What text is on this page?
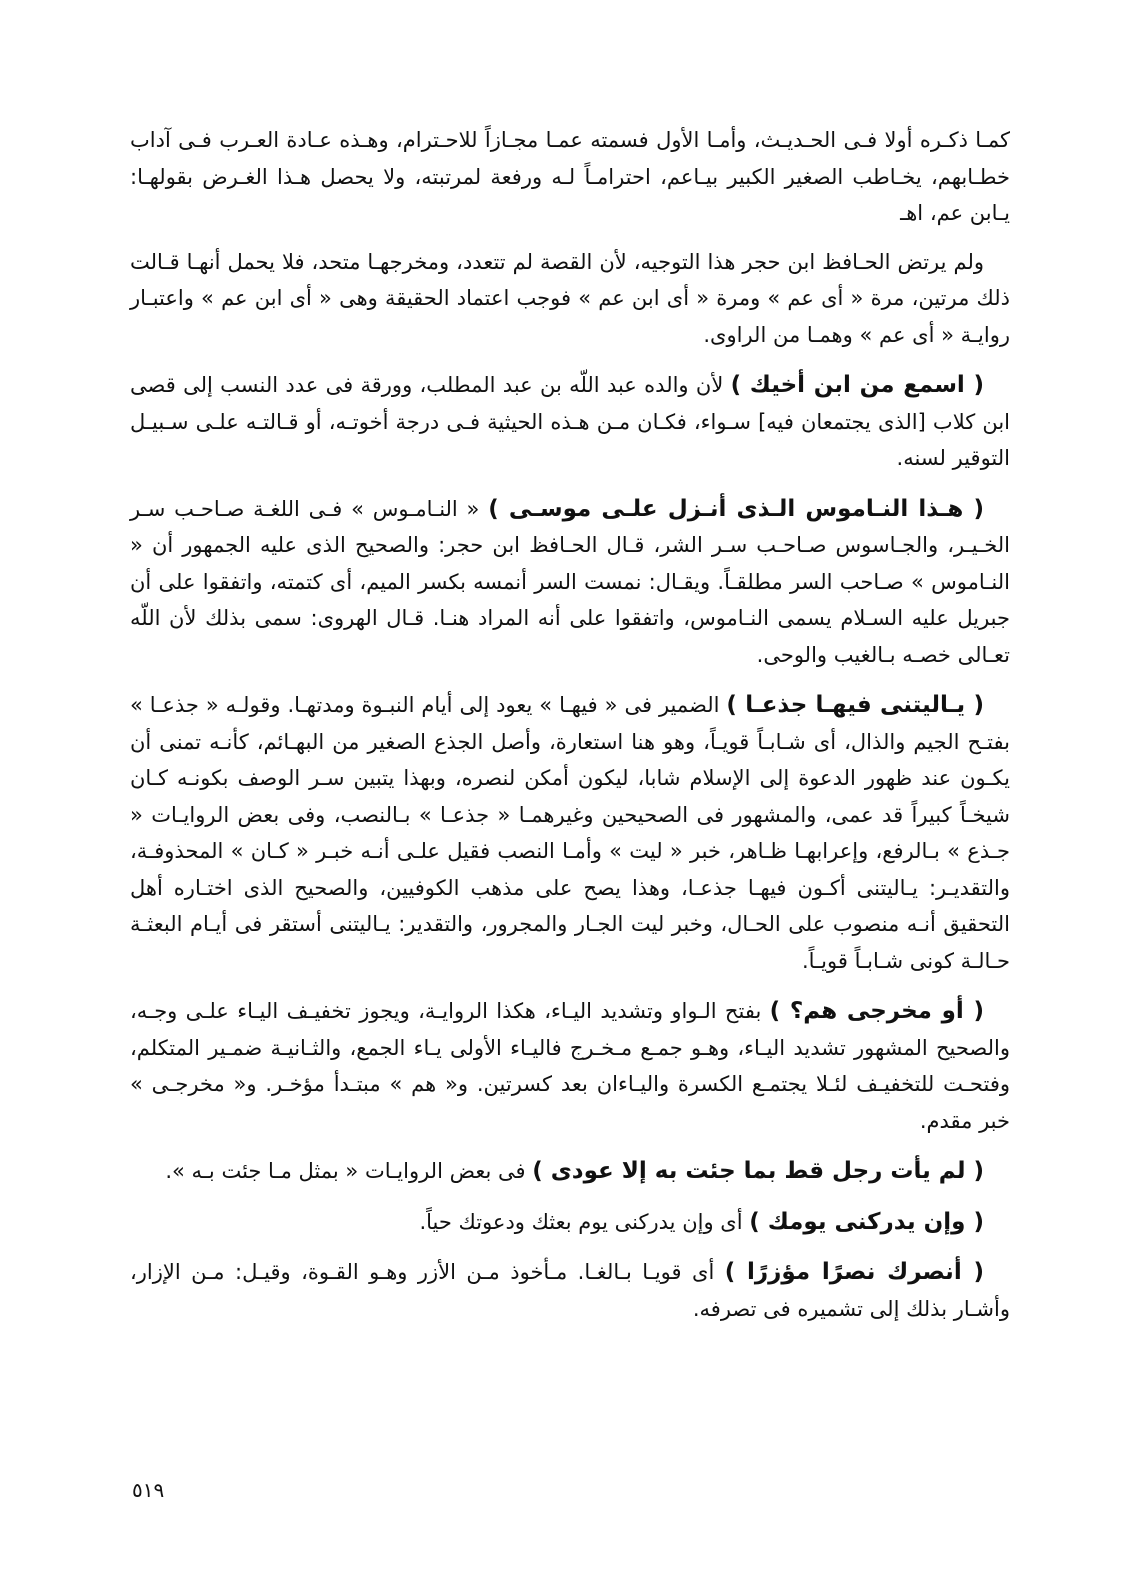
كمـا ذكـره أولا فـى الحـديـث، وأمـا الأول فسمته عمـا مجـازاً للاحـترام، وهـذه عـادة العـرب فـى آداب خطـابهم، يخـاطب الصغير الكبير بيـاعم، احترامـاً لـه ورفعة لمرتبته، ولا يحصل هـذا الغـرض بقولهـا: يـابن عم، اهـ

ولم يرتض الحـافظ ابن حجر هذا التوجيه، لأن القصة لم تتعدد، ومخرجهـا متحد، فلا يحمل أنهـا قـالت ذلك مرتين، مرة « أى عم » ومرة « أى ابن عم » فوجب اعتماد الحقيقة وهى « أى ابن عم » واعتبـار روايـة « أى عم » وهمـا من الراوى.

( اسمع من ابن أخيك ) لأن والده عبد اللّه بن عبد المطلب، وورقة فى عدد النسب إلى قصى ابن كلاب [الذى يجتمعان فيه] سـواء، فكـان مـن هـذه الحيثية فـى درجة أخوتـه، أو قـالتـه علـى سـبيـل التوقير لسنه.

( هـذا النـاموس الـذى أنـزل علـى موسـى ) « النـامـوس » فـى اللغـة صـاحـب سـر الخـيـر، والجـاسوس صـاحـب سـر الشر، قـال الحـافظ ابن حجر: والصحيح الذى عليه الجمهور أن « النـاموس » صـاحب السر مطلقـاً. ويقـال: نمست السر أنمسه بكسر الميم، أى كتمته، واتفقوا على أن جبريل عليه السـلام يسمى النـاموس، واتفقوا على أنه المراد هنـا. قـال الهروى: سمى بذلك لأن اللّه تعـالى خصـه بـالغيب والوحى.

( يـاليتنى فيهـا جذعـا ) الضمير فى « فيهـا » يعود إلى أيام النبـوة ومدتهـا. وقولـه « جذعـا » بفتـح الجيم والذال، أى شـابـاً قويـاً، وهو هنا استعارة، وأصل الجذع الصغير من البهـائم، كأنـه تمنى أن يكـون عند ظهور الدعوة إلى الإسلام شابا، ليكون أمكن لنصره، وبهذا يتبين سـر الوصف بكونـه كـان شيخـاً كبيراً قد عمى، والمشهور فى الصحيحين وغيرهمـا « جذعـا » بـالنصب، وفى بعض الروايـات « جـذع » بـالرفع، وإعرابهـا ظـاهر، خبر « ليت » وأمـا النصب فقيل علـى أنـه خبـر « كـان » المحذوفـة، والتقديـر: يـاليتنى أكـون فيهـا جذعـا، وهذا يصح على مذهب الكوفيين، والصحيح الذى اختـاره أهل التحقيق أنـه منصوب على الحـال، وخبر ليت الجـار والمجرور، والتقدير: يـاليتنى أستقر فى أيـام البعثـة حـالـة كونى شـابـاً قويـاً.

( أو مخرجى هم؟ ) بفتح الـواو وتشديد اليـاء، هكذا الروايـة، ويجوز تخفيـف اليـاء علـى وجـه، والصحيح المشهور تشديد اليـاء، وهـو جمـع مـخـرج فاليـاء الأولى يـاء الجمع، والثـانيـة ضمـير المتكلم، وفتحـت للتخفيـف لئـلا يجتمـع الكسرة واليـاءان بعد كسرتين. و« هم » مبتـدأ مؤخـر. و« مخرجـى » خبر مقدم.

( لم يأت رجل قط بما جئت به إلا عودى ) فى بعض الروايـات « بمثل مـا جئت بـه ».

( وإن يدركنى يومك ) أى وإن يدركنى يوم بعثك ودعوتك حياً.

( أنصرك نصرًا مؤزرًا ) أى قويـا بـالغـا. مـأخوذ مـن الأزر وهـو القـوة، وقيـل: مـن الإزار، وأشـار بذلك إلى تشميره فى تصرفه.

٥١٩
